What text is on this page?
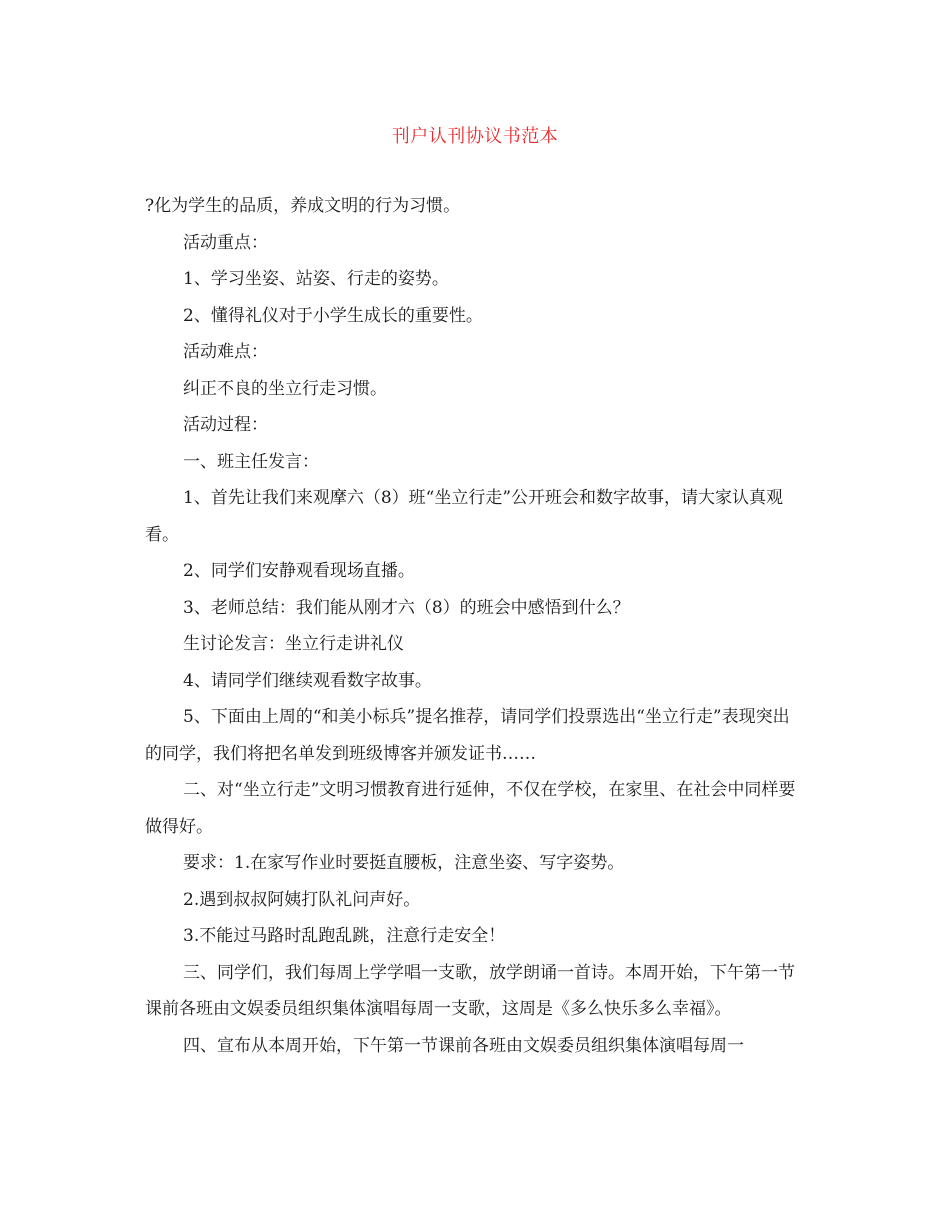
刊户认刊协议书范本

?化为学生的品质，养成文明的行为习惯。

活动重点：

1、学习坐姿、站姿、行走的姿势。

2、懂得礼仪对于小学生成长的重要性。

活动难点：

纠正不良的坐立行走习惯。

活动过程：

一、班主任发言：

1、首先让我们来观摩六（8）班“坐立行走”公开班会和数字故事，请大家认真观看。

2、同学们安静观看现场直播。

3、老师总结：我们能从刚才六（8）的班会中感悟到什么？

生讨论发言：坐立行走讲礼仪

4、请同学们继续观看数字故事。

5、下面由上周的“和美小标兵”提名推荐，请同学们投票选出“坐立行走”表现突出的同学，我们将把名单发到班级博客并颁发证书……

二、对“坐立行走”文明习惯教育进行延伸，不仅在学校，在家里、在社会中同样要做得好。

要求：1.在家写作业时要挺直腰板，注意坐姿、写字姿势。

2.遇到叔叔阿姨打队礼问声好。

3.不能过马路时乱跑乱跳，注意行走安全！

三、同学们，我们每周上学学唱一支歌，放学朗诵一首诗。本周开始，下午第一节课前各班由文娱委员组织集体演唱每周一支歌，这周是《多么快乐多么幸福》。

四、宣布从本周开始，下午第一节课前各班由文娱委员组织集体演唱每周一
